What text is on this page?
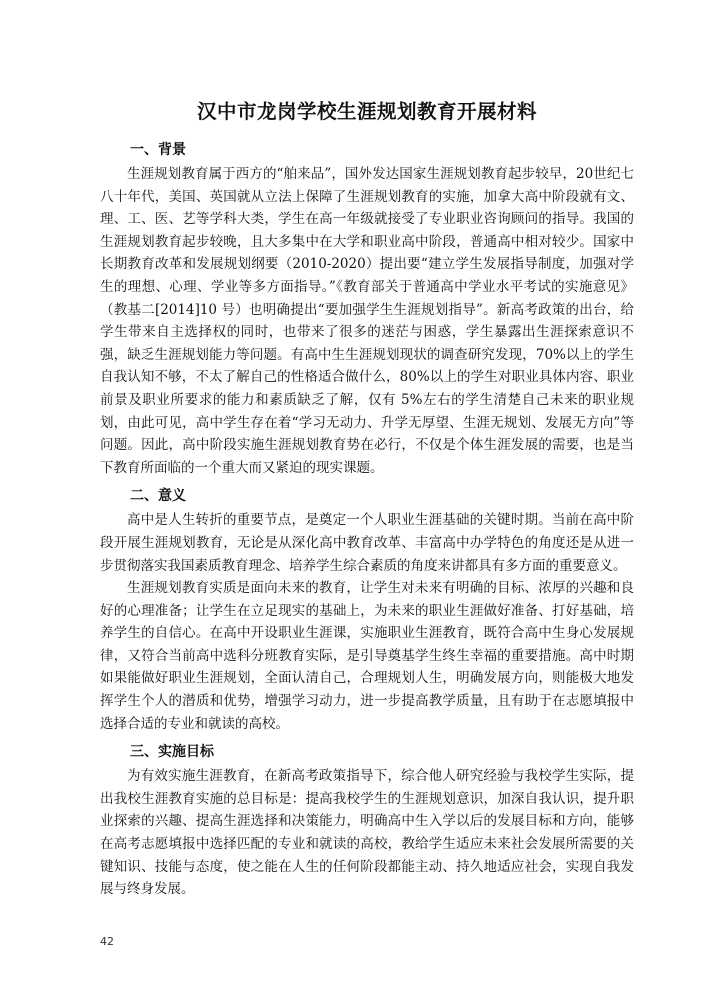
汉中市龙岗学校生涯规划教育开展材料
一、背景

生涯规划教育属于西方的“舶来品”，国外发达国家生涯规划教育起步较早，20世纪七八十年代，美国、英国就从立法上保障了生涯规划教育的实施，加拿大高中阶段就有文、理、工、医、艺等学科大类，学生在高一年级就接受了专业职业咨询顾问的指导。我国的生涯规划教育起步较晚，且大多集中在大学和职业高中阶段，普通高中相对较少。国家中长期教育改革和发展规划纲要（2010-2020）提出要“建立学生发展指导制度，加强对学生的理想、心理、学业等多方面指导。”《教育部关于普通高中学业水平考试的实施意见》（教基二[2014]10 号）也明确提出“要加强学生生涯规划指导”。新高考政策的出台，给学生带来自主选择权的同时，也带来了很多的迷茫与困惑，学生暴露出生涯探索意识不强，缺乏生涯规划能力等问题。有高中生生涯规划现状的调查研究发现，70%以上的学生自我认知不够，不太了解自己的性格适合做什么，80%以上的学生对职业具体内容、职业前景及职业所要求的能力和素质缺乏了解，仅有 5%左右的学生清楚自己未来的职业规划，由此可见，高中学生存在着“学习无动力、升学无厚望、生涯无规划、发展无方向”等问题。因此，高中阶段实施生涯规划教育势在必行，不仅是个体生涯发展的需要，也是当下教育所面临的一个重大而又紧迫的现实课题。

二、意义

高中是人生转折的重要节点，是奠定一个人职业生涯基础的关键时期。当前在高中阶段开展生涯规划教育，无论是从深化高中教育改革、丰富高中办学特色的角度还是从进一步贯彻落实我国素质教育理念、培养学生综合素质的角度来讲都具有多方面的重要意义。

生涯规划教育实质是面向未来的教育，让学生对未来有明确的目标、浓厚的兴趣和良好的心理准备；让学生在立足现实的基础上，为未来的职业生涯做好准备、打好基础，培养学生的自信心。在高中开设职业生涯课，实施职业生涯教育，既符合高中生身心发展规律，又符合当前高中选科分班教育实际，是引导奠基学生终生幸福的重要措施。高中时期如果能做好职业生涯规划，全面认清自己，合理规划人生，明确发展方向，则能极大地发挥学生个人的潜质和优势，增强学习动力，进一步提高教学质量，且有助于在志愿填报中选择合适的专业和就读的高校。

三、实施目标

为有效实施生涯教育，在新高考政策指导下，综合他人研究经验与我校学生实际，提出我校生涯教育实施的总目标是：提高我校学生的生涯规划意识，加深自我认识，提升职业探索的兴趣、提高生涯选择和决策能力，明确高中生入学以后的发展目标和方向，能够在高考志愿填报中选择匹配的专业和就读的高校，教给学生适应未来社会发展所需要的关键知识、技能与态度，使之能在人生的任何阶段都能主动、持久地适应社会，实现自我发展与终身发展。

42
